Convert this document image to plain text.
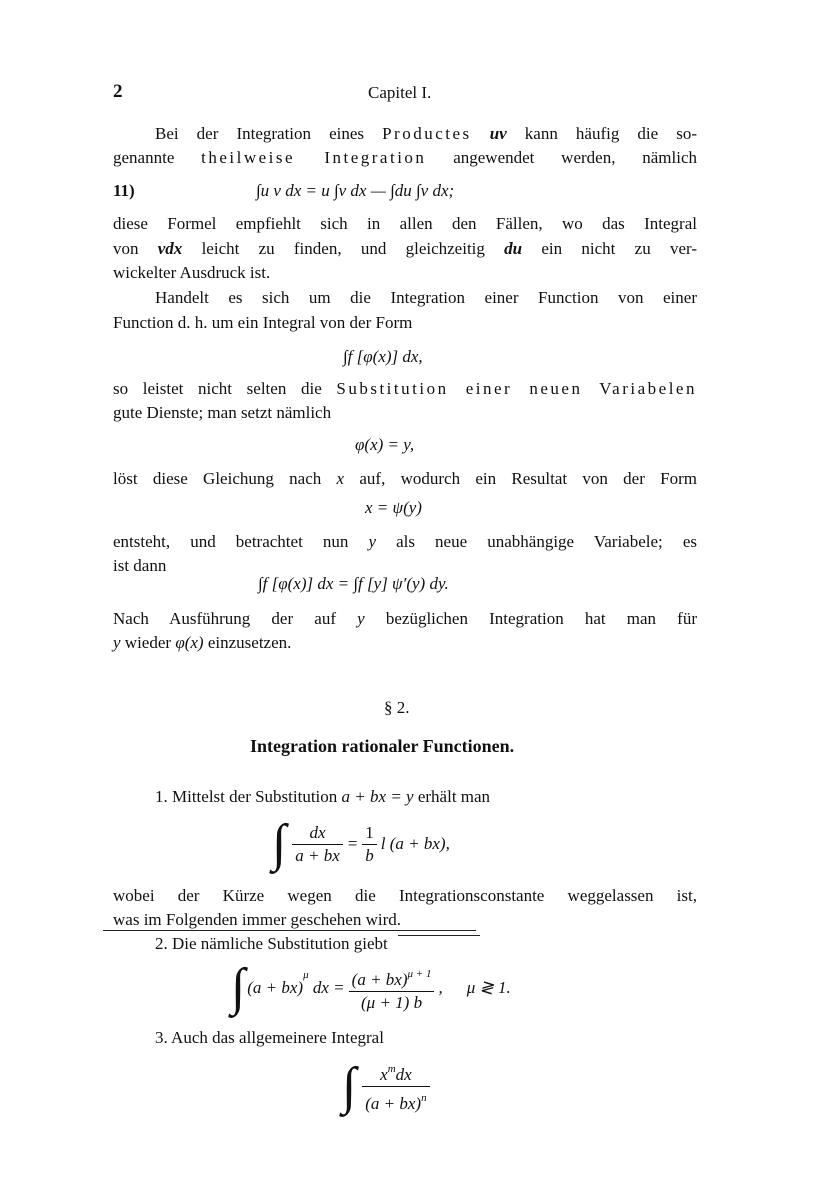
2	Capitel I.
Bei der Integration eines Productes uv kann häufig die so-
genannte theilweise Integration angewendet werden, nämlich
11)	∫u v dx = u ∫v dx — ∫du ∫v dx;
diese Formel empfiehlt sich in allen den Fällen, wo das Integral
von vdx leicht zu finden, und gleichzeitig du ein nicht zu ver-
wickelter Ausdruck ist.
Handelt es sich um die Integration einer Function von einer
Function d. h. um ein Integral von der Form
∫f [φ(x)] dx,
so leistet nicht selten die Substitution einer neuen Variabelen
gute Dienste; man setzt nämlich
φ(x) = y,
löst diese Gleichung nach x auf, wodurch ein Resultat von der Form
x = ψ(y)
entsteht, und betrachtet nun y als neue unabhängige Variabele; es
ist dann
∫f [φ(x)] dx = ∫f [y] ψ′(y) dy.
Nach Ausführung der auf y bezüglichen Integration hat man für
y wieder φ(x) einzusetzen.
§ 2.
Integration rationaler Functionen.
1. Mittelst der Substitution a + bx = y erhält man
∫ $\frac{dx}{a + bx} = \frac{1}{b}$ l (a + bx),
wobei der Kürze wegen die Integrationsconstante weggelassen ist,
was im Folgenden immer geschehen wird.
2. Die nämliche Substitution giebt
∫ (a + bx)$^\mu$ dx = $\frac{(a + bx)^{\mu + 1}}{(\mu + 1) b}$ , μ ≷ 1.
3. Auch das allgemeinere Integral
∫ $\frac{x^mdx}{(a + bx)^n}$
